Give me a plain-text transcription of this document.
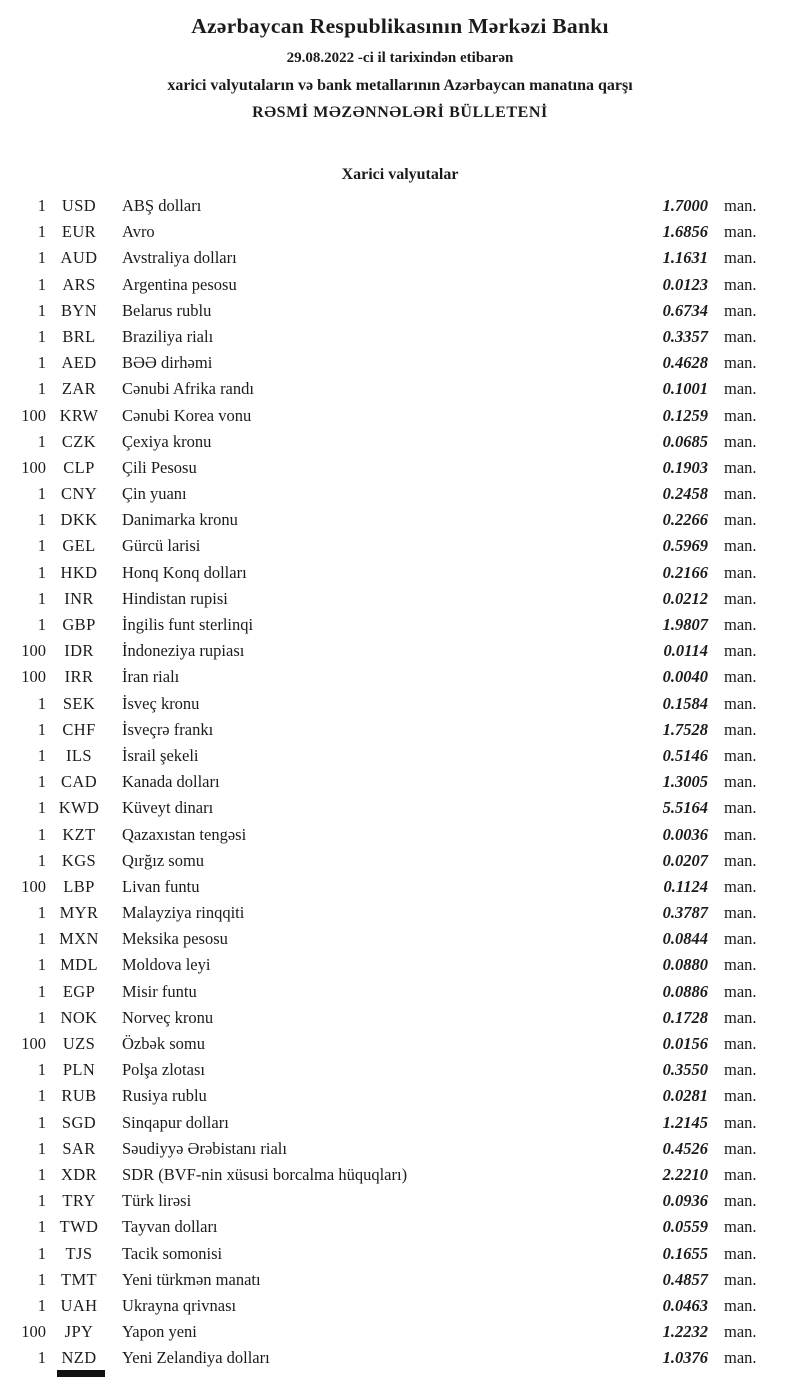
Azərbaycan Respublikasının Mərkəzi Bankı
29.08.2022 -ci il tarixindən etibarən
xarici valyutaların və bank metallarının Azərbaycan manatına qarşı
RƏSMİ MƏZƏNNƏLƏRİ BÜLLETENİ
Xarici valyutalar
1 USD	ABŞ dolları	1.7000 man.
1 EUR	Avro	1.6856 man.
1 AUD	Avstraliya dolları	1.1631 man.
1 ARS	Argentina pesosu	0.0123 man.
1 BYN	Belarus rublu	0.6734 man.
1 BRL	Braziliya rialı	0.3357 man.
1 AED	BƏƏ dirhəmi	0.4628 man.
1 ZAR	Cənubi Afrika randı	0.1001 man.
100 KRW	Cənubi Korea vonu	0.1259 man.
1 CZK	Çexiya kronu	0.0685 man.
100	CLP	Çili Pesosu	0.1903 man.
1 CNY	Çin yuanı	0.2458 man.
1 DKK	Danimarka kronu	0.2266 man.
1 GEL	Gürcü larisi	0.5969 man.
1 HKD	Honq Konq dolları	0.2166 man.
1	INR	Hindistan rupisi	0.0212 man.
1 GBP	İngilis funt sterlinqi	1.9807 man.
100	IDR	İndoneziya rupiası	0.0114 man.
100	IRR	İran rialı	0.0040 man.
1	SEK	İsveç kronu	0.1584 man.
1 CHF	İsveçrə frankı	1.7528 man.
1	ILS	İsrail şekeli	0.5146 man.
1 CAD	Kanada dolları	1.3005 man.
1 KWD	Küveyt dinarı	5.5164 man.
1 KZT	Qazaxıstan tengəsi	0.0036 man.
1 KGS	Qırğız somu	0.0207 man.
100	LBP	Livan funtu	0.1124 man.
1 MYR	Malayziya rinqqiti	0.3787 man.
1 MXN	Meksika pesosu	0.0844 man.
1 MDL	Moldova leyi	0.0880 man.
1	EGP	Misir funtu	0.0886 man.
1 NOK	Norveç kronu	0.1728 man.
100	UZS	Özbək somu	0.0156 man.
1	PLN	Polşa zlotası	0.3550 man.
1 RUB	Rusiya rublu	0.0281 man.
1 SGD	Sinqapur dolları	1.2145 man.
1 SAR	Səudiyyə Ərəbistanı rialı	0.4526 man.
1 XDR	SDR (BVF-nin xüsusi borcalma hüquqları)	2.2210 man.
1 TRY	Türk lirəsi	0.0936 man.
1 TWD	Tayvan dolları	0.0559 man.
1	TJS	Tacik somonisi	0.1655 man.
1 TMT	Yeni türkmən manatı	0.4857 man.
1 UAH	Ukrayna qrivnası	0.0463 man.
100	JPY	Yapon yeni	1.2232 man.
1 NZD	Yeni Zelandiya dolları	1.0376 man.
